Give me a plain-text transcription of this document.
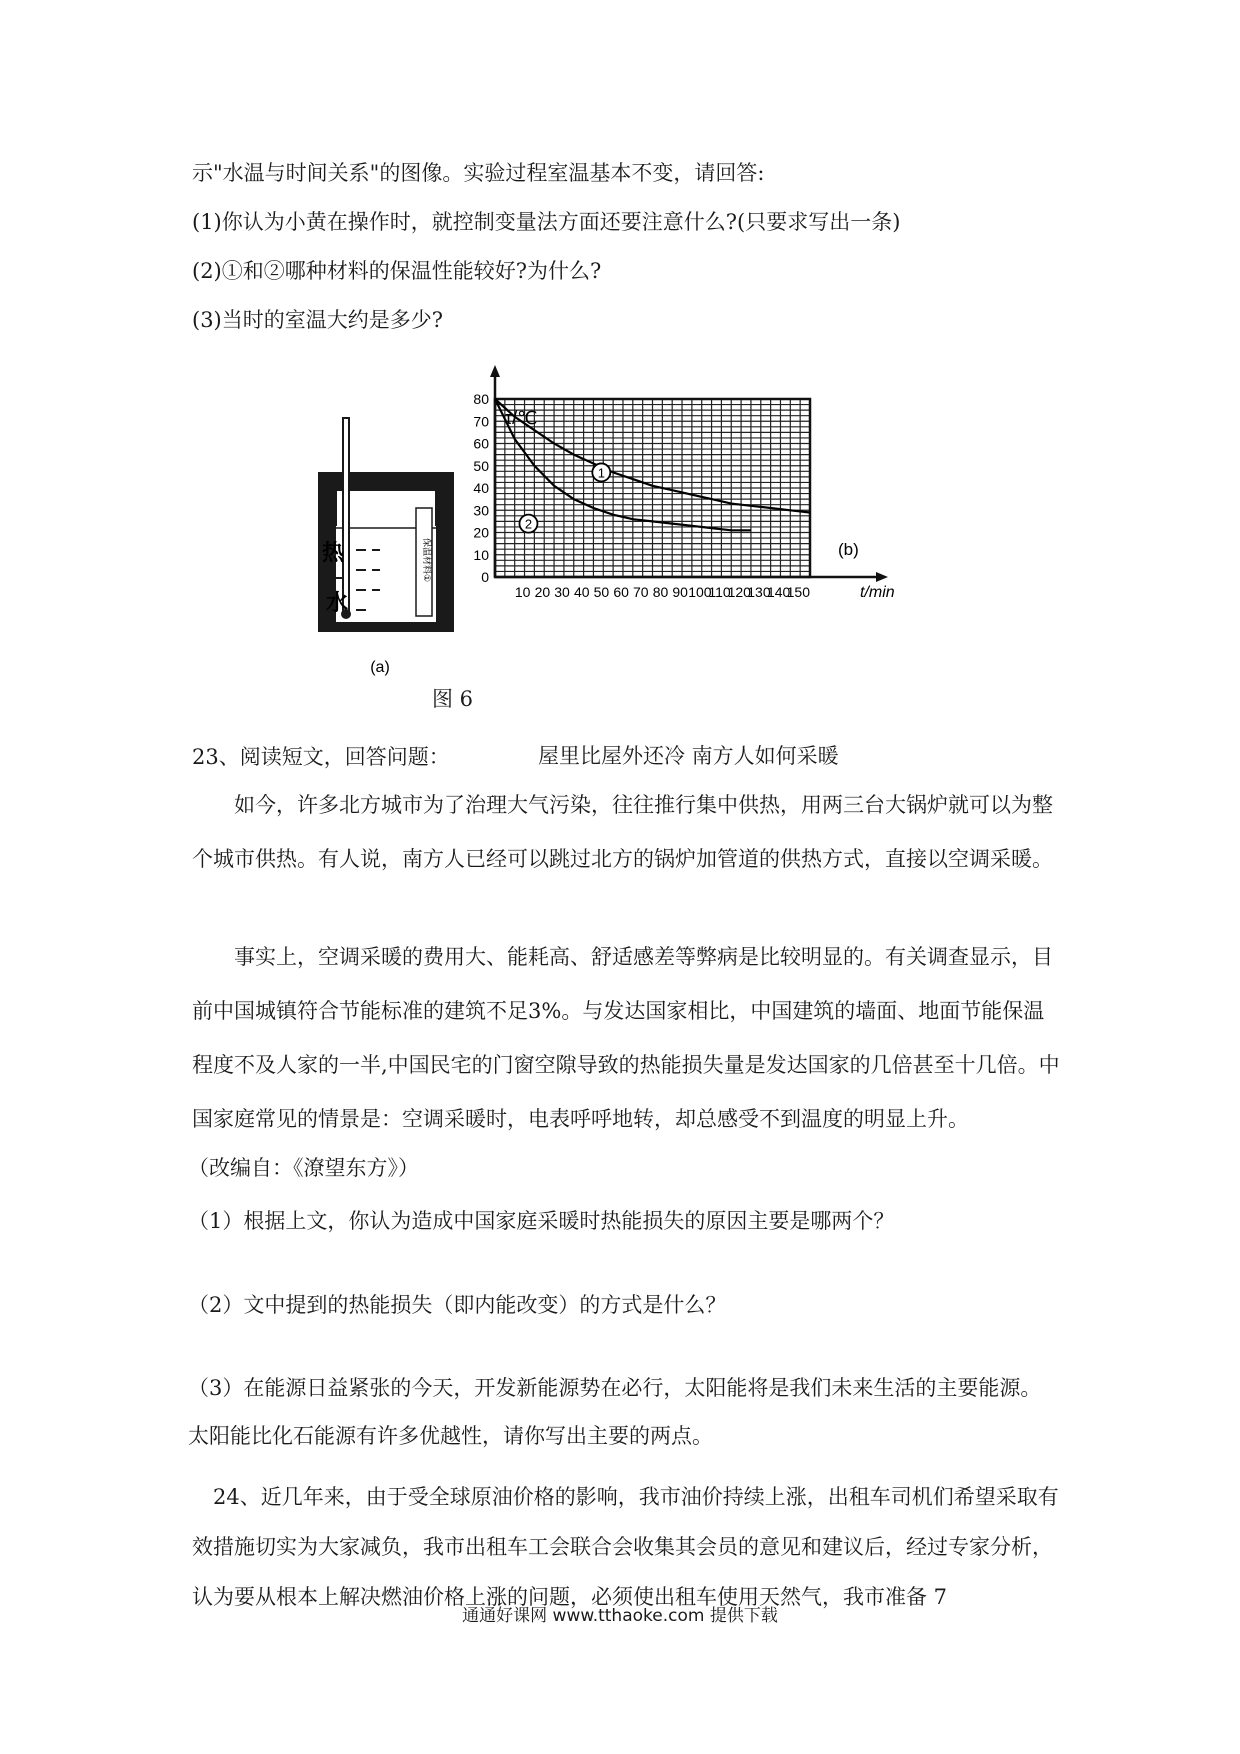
示"水温与时间关系"的图像。实验过程室温基本不变，请回答:
(1)你认为小黄在操作时，就控制变量法方面还要注意什么?(只要求写出一条)
(2)①和②哪种材料的保温性能较好?为什么?
(3)当时的室温大约是多少?
保温材料①
热
水
(a)
0
10
20
30
40
50
60
70
80
10 20 30 40 50 60 70 80 90 100
110
120
130
140
150
τ/℃
t/min
(b)
1
2
图 6
23、阅读短文，回答问题：	屋里比屋外还冷 南方人如何采暖
如今，许多北方城市为了治理大气污染，往往推行集中供热，用两三台大锅炉就可以为整个城市供热。有人说，南方人已经可以跳过北方的锅炉加管道的供热方式，直接以空调采暖。
事实上，空调采暖的费用大、能耗高、舒适感差等弊病是比较明显的。有关调查显示，目前中国城镇符合节能标准的建筑不足3%。与发达国家相比，中国建筑的墙面、地面节能保温程度不及人家的一半,中国民宅的门窗空隙导致的热能损失量是发达国家的几倍甚至十几倍。中国家庭常见的情景是：空调采暖时，电表呼呼地转，却总感受不到温度的明显上升。
（改编自：《潦望东方》）
（1）根据上文，你认为造成中国家庭采暖时热能损失的原因主要是哪两个？
（2）文中提到的热能损失（即内能改变）的方式是什么？
（3）在能源日益紧张的今天，开发新能源势在必行，太阳能将是我们未来生活的主要能源。太阳能比化石能源有许多优越性，请你写出主要的两点。
24、近几年来，由于受全球原油价格的影响，我市油价持续上涨，出租车司机们希望采取有效措施切实为大家减负，我市出租车工会联合会收集其会员的意见和建议后，经过专家分析，认为要从根本上解决燃油价格上涨的问题，必须使出租车使用天然气，我市准备 7
通通好课网 www.tthaoke.com 提供下载
